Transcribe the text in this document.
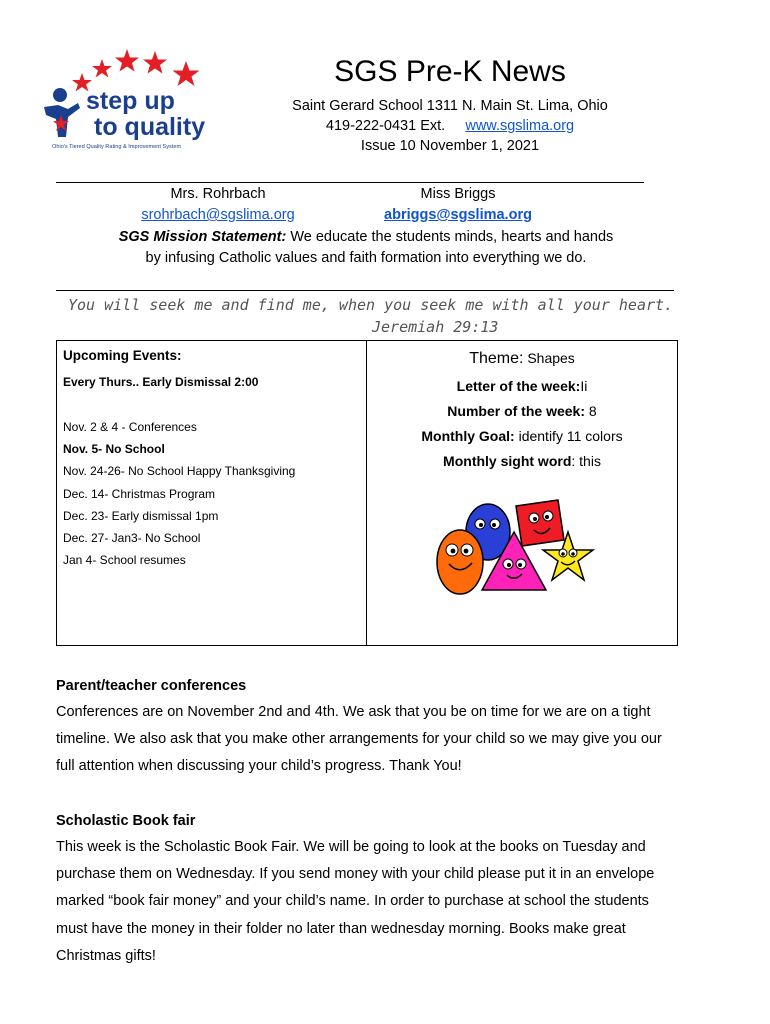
step up
to quality
Ohio's Tiered Quality Rating & Improvement System
SGS Pre-K News
Saint Gerard School 1311 N. Main St. Lima, Ohio
419-222-0431 Ext. www.sgslima.org
Issue 10 November 1, 2021
Mrs. Rohrbach	Miss Briggs
srohrbach@sgslima.org	abriggs@sgslima.org
SGS Mission Statement: We educate the students minds, hearts and hands
by infusing Catholic values and faith formation into everything we do.
You will seek me and find me, when you seek me with all your heart.
Jeremiah 29:13
Upcoming Events:
Every Thurs.. Early Dismissal 2:00
Nov. 2 & 4 - Conferences
Nov. 5- No School
Nov. 24-26- No School Happy Thanksgiving
Dec. 14- Christmas Program
Dec. 23- Early dismissal 1pm
Dec. 27- Jan3- No School
Jan 4- School resumes
Theme: Shapes
Letter of the week:Ii
Number of the week: 8
Monthly Goal: identify 11 colors
Monthly sight word: this
Parent/teacher conferences
Conferences are on November 2nd and 4th. We ask that you be on time for we are on a tight
timeline. We also ask that you make other arrangements for your child so we may give you our
full attention when discussing your child’s progress. Thank You!
Scholastic Book fair
This week is the Scholastic Book Fair. We will be going to look at the books on Tuesday and
purchase them on Wednesday. If you send money with your child please put it in an envelope
marked “book fair money” and your child’s name. In order to purchase at school the students
must have the money in their folder no later than wednesday morning. Books make great
Christmas gifts!
